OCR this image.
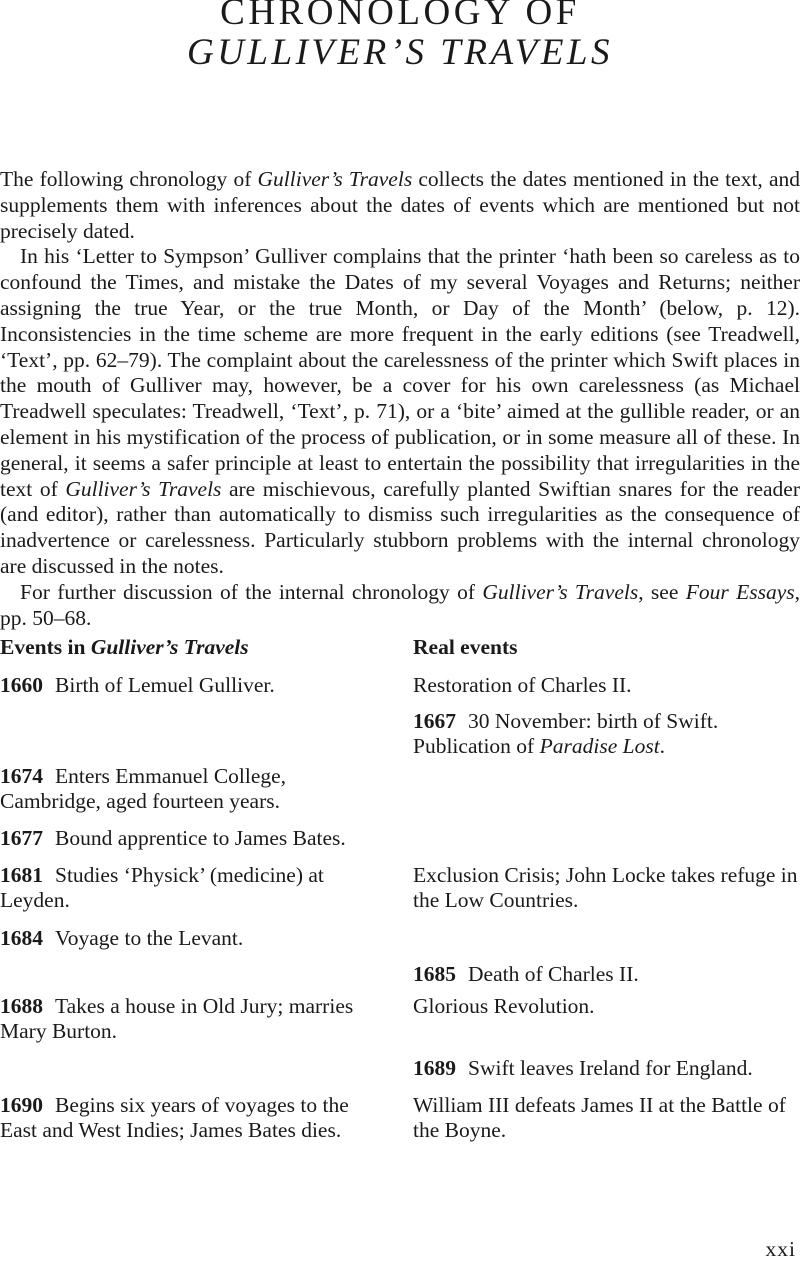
CHRONOLOGY OF
GULLIVER’S TRAVELS

The following chronology of Gulliver’s Travels collects the dates mentioned in the text, and supplements them with inferences about the dates of events which are mentioned but not precisely dated.

In his ‘Letter to Sympson’ Gulliver complains that the printer ‘hath been so careless as to confound the Times, and mistake the Dates of my several Voyages and Returns; neither assigning the true Year, or the true Month, or Day of the Month’ (below, p. 12). Inconsistencies in the time scheme are more frequent in the early editions (see Treadwell, ‘Text’, pp. 62–79). The complaint about the carelessness of the printer which Swift places in the mouth of Gulliver may, however, be a cover for his own carelessness (as Michael Treadwell speculates: Treadwell, ‘Text’, p. 71), or a ‘bite’ aimed at the gullible reader, or an element in his mystification of the process of publication, or in some measure all of these. In general, it seems a safer principle at least to entertain the possibility that irregularities in the text of Gulliver’s Travels are mischievous, carefully planted Swiftian snares for the reader (and editor), rather than automatically to dismiss such irregularities as the consequence of inadvertence or carelessness. Particularly stubborn problems with the internal chronology are discussed in the notes.

For further discussion of the internal chronology of Gulliver’s Travels, see Four Essays, pp. 50–68.

Events in Gulliver’s Travels	Real events
1660 Birth of Lemuel Gulliver.
1674 Enters Emmanuel College, Cambridge, aged fourteen years.
1677 Bound apprentice to James Bates.
1681 Studies ‘Physick’ (medicine) at Leyden.
1684 Voyage to the Levant.
1688 Takes a house in Old Jury; marries Mary Burton.
1690 Begins six years of voyages to the East and West Indies; James Bates dies.
Restoration of Charles II.
1667 30 November: birth of Swift. Publication of Paradise Lost.
Exclusion Crisis; John Locke takes refuge in the Low Countries.
1685 Death of Charles II.
Glorious Revolution.
1689 Swift leaves Ireland for England.
William III defeats James II at the Battle of the Boyne.
xxi
